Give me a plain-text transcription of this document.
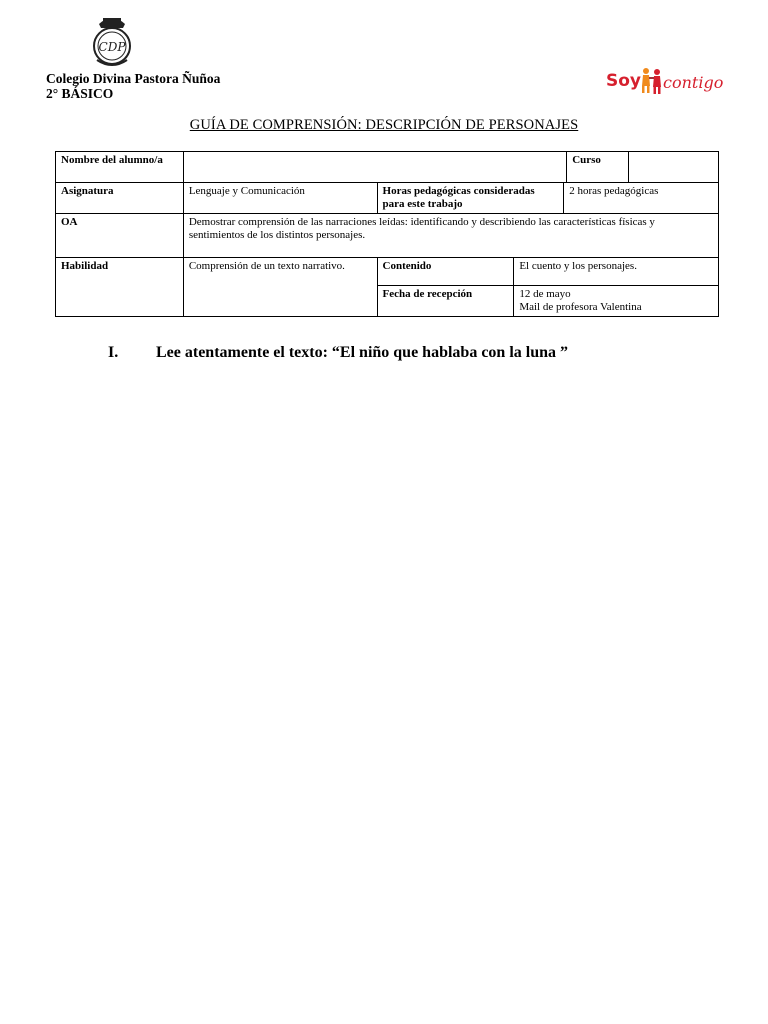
CDP
Colegio Divina Pastora Ñuñoa
2° BÁSICO
Soy contigo
GUÍA DE COMPRENSIÓN: DESCRIPCIÓN DE PERSONAJES
Nombre del alumno/a					Curso	
Asignatura	Lenguaje y Comunicación	Horas pedagógicas consideradas para este trabajo		2 horas pedagógicas		
OA	Demostrar comprensión de las narraciones leídas: identificando y describiendo las características físicas y sentimientos de los distintos personajes.					
Habilidad	Comprensión de un texto narrativo.	Contenido	El cuento y los personajes.			
		Fecha de recepción	12 de mayo
Mail de profesora Valentina			
I. Lee atentamente el texto: “El niño que hablaba con la luna ”
